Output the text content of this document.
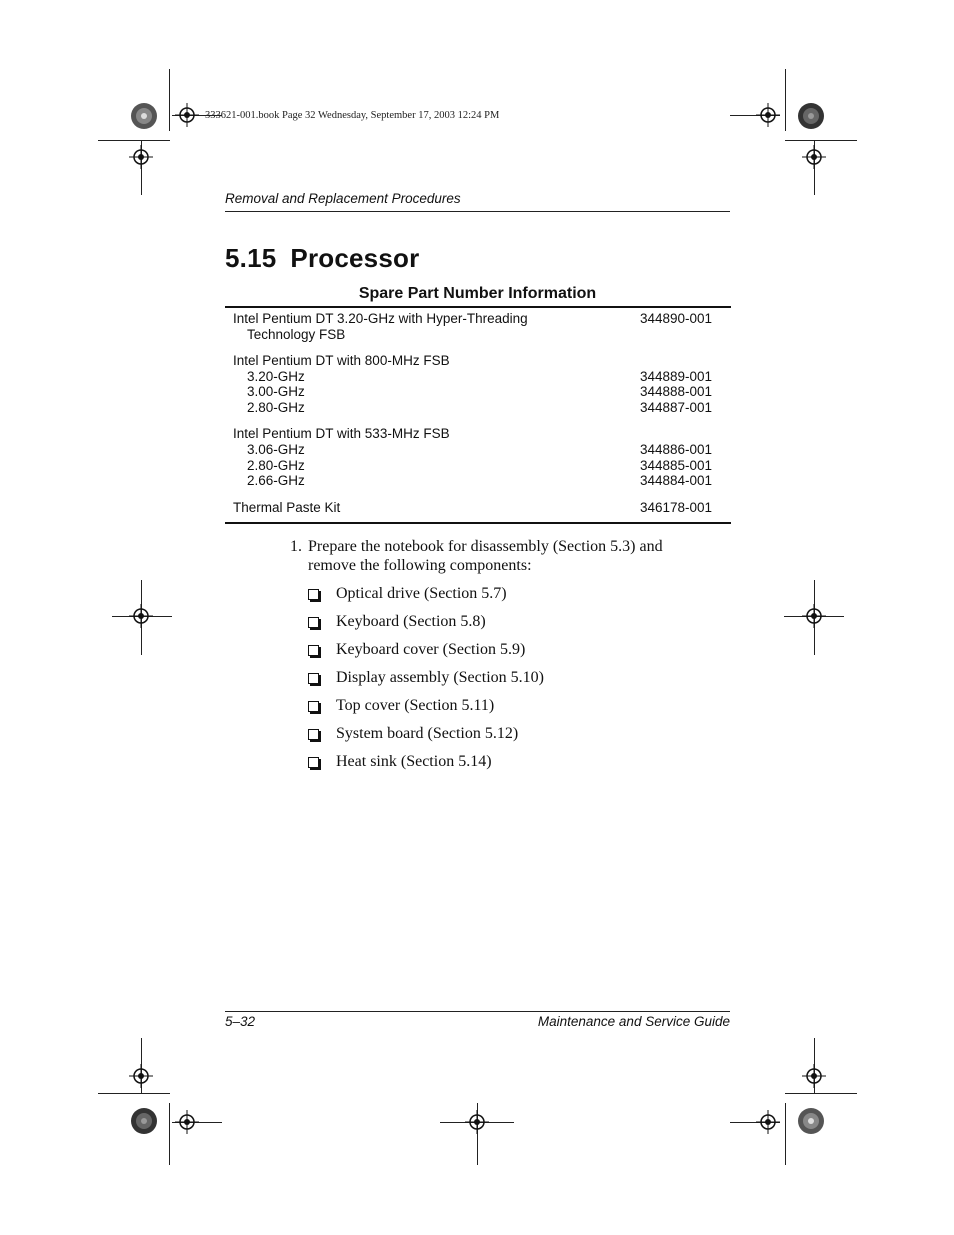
333621-001.book Page 32 Wednesday, September 17, 2003 12:24 PM
Removal and Replacement Procedures
5.15 Processor
Spare Part Number Information
Intel Pentium DT 3.20-GHz with Hyper-Threading	344890-001
Technology FSB
Intel Pentium DT with 800-MHz FSB
3.20-GHz	344889-001
3.00-GHz	344888-001
2.80-GHz	344887-001
Intel Pentium DT with 533-MHz FSB
3.06-GHz	344886-001
2.80-GHz	344885-001
2.66-GHz	344884-001
Thermal Paste Kit	346178-001
1. Prepare the notebook for disassembly (Section 5.3) and remove the following components:
Optical drive (Section 5.7)
Keyboard (Section 5.8)
Keyboard cover (Section 5.9)
Display assembly (Section 5.10)
Top cover (Section 5.11)
System board (Section 5.12)
Heat sink (Section 5.14)
5–32	Maintenance and Service Guide
